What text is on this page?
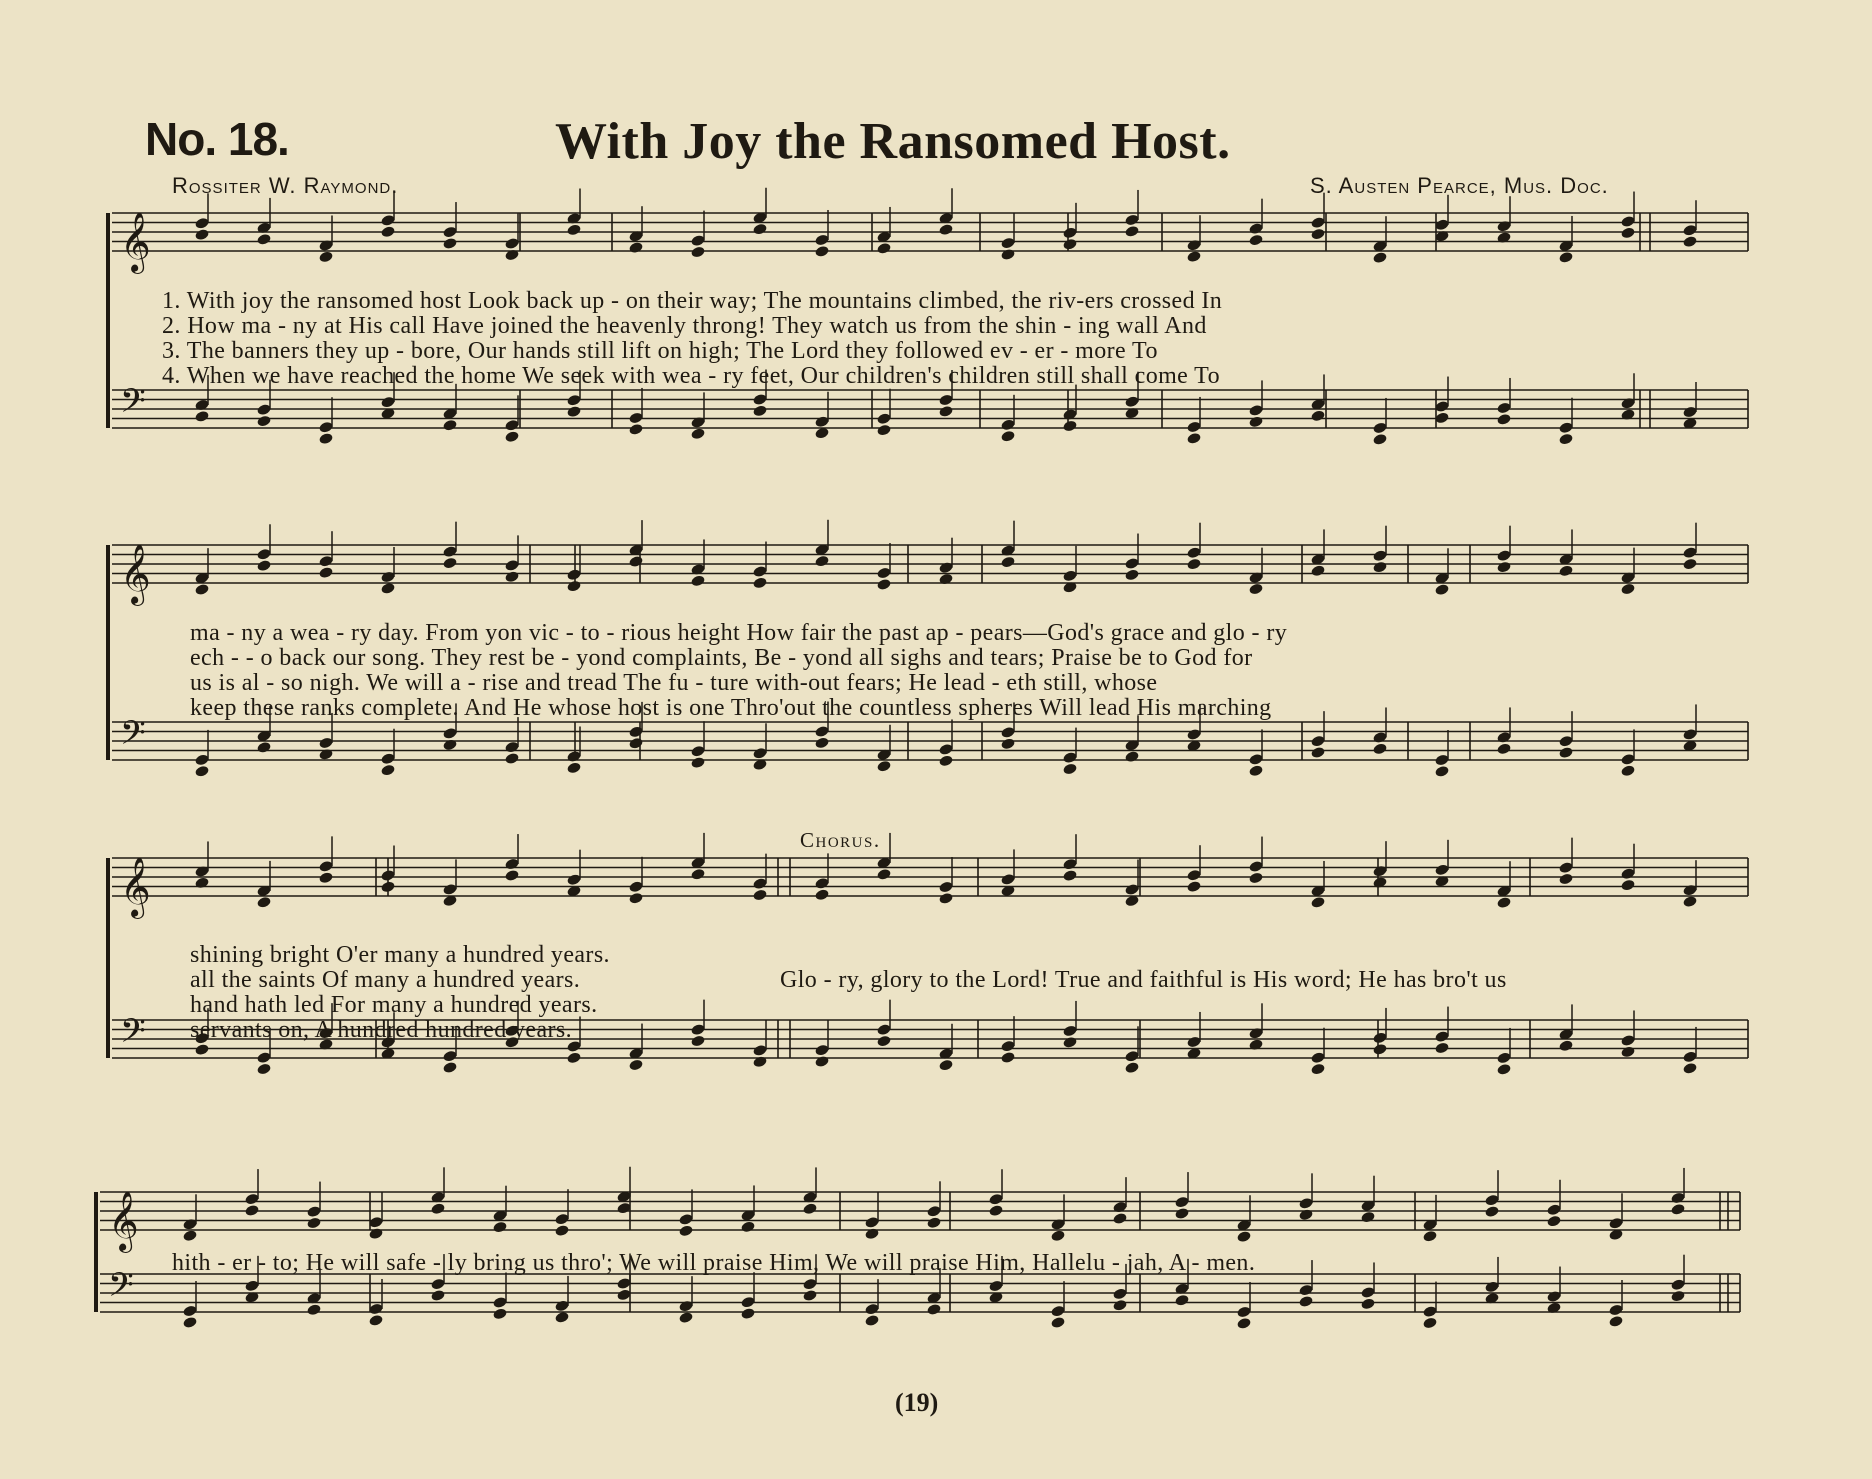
No. 18.	With Joy the Ransomed Host.
Rossiter W. Raymond.	S. Austen Pearce, Mus. Doc.
𝄞
𝄢
𝄞
𝄢
𝄞
𝄢
𝄞
𝄢
1. With joy the ransomed host Look back up - on their way; The mountains climbed, the riv-ers crossed In
2. How ma - ny at His call Have joined the heavenly throng! They watch us from the shin - ing wall And
3. The banners they up - bore, Our hands still lift on high; The Lord they followed ev - er - more To
4. When we have reached the home We seek with wea - ry feet, Our children's children still shall come To
ma - ny a wea - ry day. From yon vic - to - rious height How fair the past ap - pears—God's grace and glo - ry
ech - - o back our song. They rest be - yond complaints, Be - yond all sighs and tears; Praise be to God for
us is al - so nigh. We will a - rise and tread The fu - ture with-out fears; He lead - eth still, whose
keep these ranks complete. And He whose host is one Thro'out the countless spheres Will lead His marching
Chorus.
shining bright O'er many a hundred years.
all the saints Of many a hundred years.
hand hath led For many a hundred years.
servants on, A hundred hundred years.
Glo - ry, glory to the Lord! True and faithful is His word; He has bro't us
hith - er - to; He will safe - ly bring us thro'; We will praise Him, We will praise Him, Hallelu - jah, A - men.
(19)
